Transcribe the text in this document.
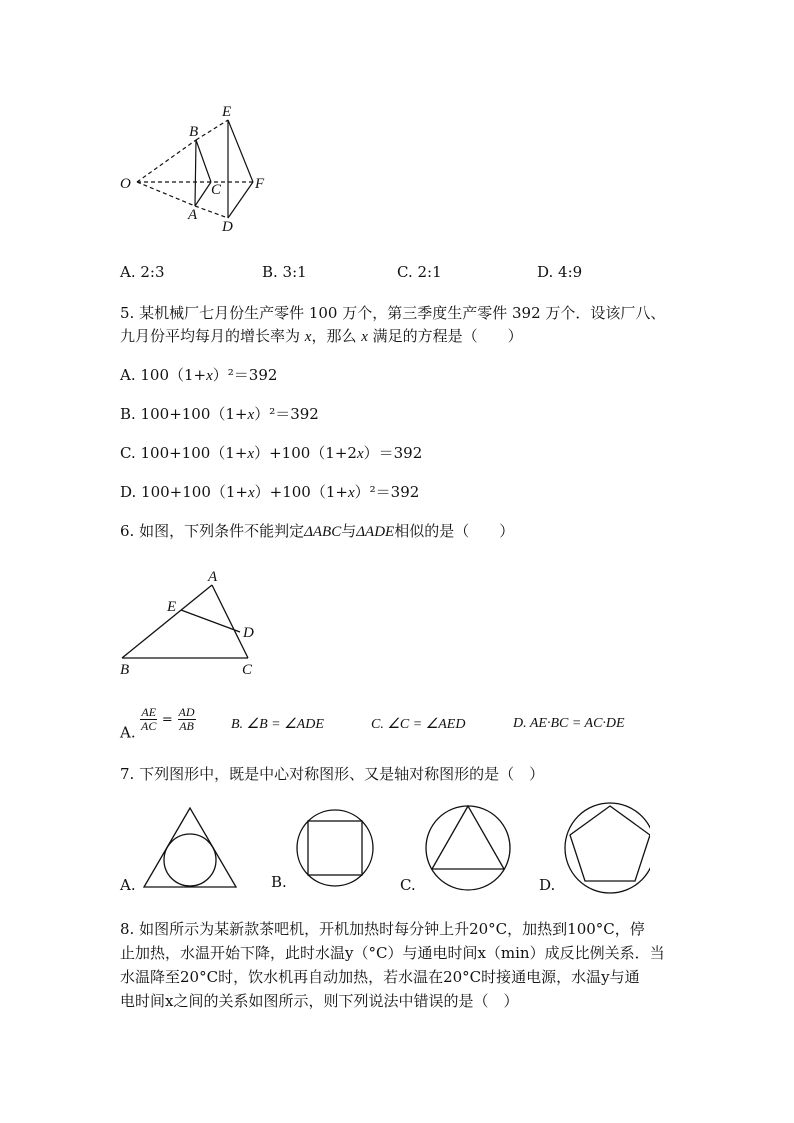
O
B
E
C F
A
D
A. 2:3	B. 3:1	C. 2:1	D. 4:9
5. 某机械厂七月份生产零件 100 万个，第三季度生产零件 392 万个．设该厂八、
九月份平均每月的增长率为 x，那么 x 满足的方程是（　　）
A. 100（1+x）²＝392
B. 100+100（1+x）²＝392
C. 100+100（1+x）+100（1+2x）＝392
D. 100+100（1+x）+100（1+x）²＝392
6. 如图，下列条件不能判定ΔABC与ΔADE相似的是（　　）
A
E
D
B	C
A. $\frac{AE}{AC} = \frac{AD}{AB}$	B. ∠B = ∠ADE	C. ∠C = ∠AED	D. AE·BC = AC·DE
7. 下列图形中，既是中心对称图形、又是轴对称图形的是（　）
A.	B.	C.	D.
8. 如图所示为某新款茶吧机，开机加热时每分钟上升20°C，加热到100°C，停
止加热，水温开始下降，此时水温y（°C）与通电时间x（min）成反比例关系．当
水温降至20°C时，饮水机再自动加热，若水温在20°C时接通电源，水温y与通
电时间x之间的关系如图所示，则下列说法中错误的是（　）
